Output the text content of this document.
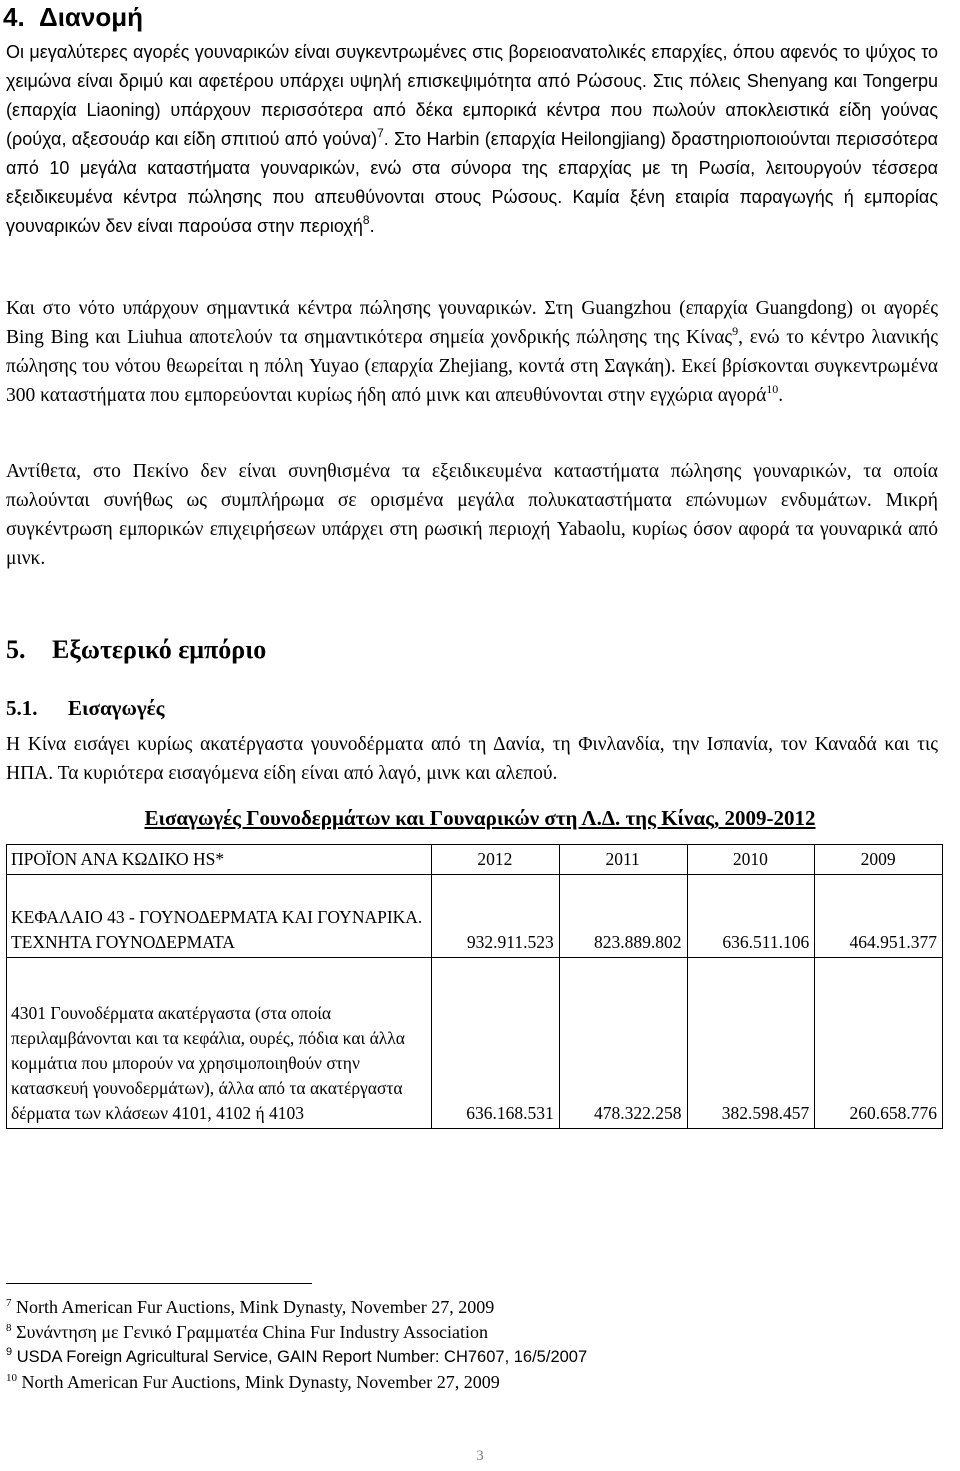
4. Διανομή

Οι μεγαλύτερες αγορές γουναρικών είναι συγκεντρωμένες στις βορειοανατολικές επαρχίες, όπου αφενός το ψύχος το χειμώνα είναι δριμύ και αφετέρου υπάρχει υψηλή επισκεψιμότητα από Ρώσους. Στις πόλεις Shenyang και Tongerpu (επαρχία Liaoning) υπάρχουν περισσότερα από δέκα εμπορικά κέντρα που πωλούν αποκλειστικά είδη γούνας (ρούχα, αξεσουάρ και είδη σπιτιού από γούνα)$^7$. Στο Harbin (επαρχία Heilongjiang) δραστηριοποιούνται περισσότερα από 10 μεγάλα καταστήματα γουναρικών, ενώ στα σύνορα της επαρχίας με τη Ρωσία, λειτουργούν τέσσερα εξειδικευμένα κέντρα πώλησης που απευθύνονται στους Ρώσους. Καμία ξένη εταιρία παραγωγής ή εμπορίας γουναρικών δεν είναι παρούσα στην περιοχή$^8$.

Και στο νότο υπάρχουν σημαντικά κέντρα πώλησης γουναρικών. Στη Guangzhou (επαρχία Guangdong) οι αγορές Bing Bing και Liuhua αποτελούν τα σημαντικότερα σημεία χονδρικής πώλησης της Κίνας$^9$, ενώ το κέντρο λιανικής πώλησης του νότου θεωρείται η πόλη Yuyao (επαρχία Zhejiang, κοντά στη Σαγκάη). Εκεί βρίσκονται συγκεντρωμένα 300 καταστήματα που εμπορεύονται κυρίως ήδη από μινκ και απευθύνονται στην εγχώρια αγορά$^{10}$.

Αντίθετα, στο Πεκίνο δεν είναι συνηθισμένα τα εξειδικευμένα καταστήματα πώλησης γουναρικών, τα οποία πωλούνται συνήθως ως συμπλήρωμα σε ορισμένα μεγάλα πολυκαταστήματα επώνυμων ενδυμάτων. Μικρή συγκέντρωση εμπορικών επιχειρήσεων υπάρχει στη ρωσική περιοχή Yabaolu, κυρίως όσον αφορά τα γουναρικά από μινκ.

5. Εξωτερικό εμπόριο
5.1. Εισαγωγές

Η Κίνα εισάγει κυρίως ακατέργαστα γουνοδέρματα από τη Δανία, τη Φινλανδία, την Ισπανία, τον Καναδά και τις ΗΠΑ. Τα κυριότερα εισαγόμενα είδη είναι από λαγό, μινκ και αλεπού.

Εισαγωγές Γουνοδερμάτων και Γουναρικών στη Λ.Δ. της Κίνας, 2009-2012

ΠΡΟΪΟΝ ΑΝΑ ΚΩΔΙΚΟ HS*	2012	2011	2010	2009
ΚΕΦΑΛΑΙΟ 43 - ΓΟΥΝΟΔΕΡΜΑΤΑ ΚΑΙ ΓΟΥΝΑΡΙΚΑ. ΤΕΧΝΗΤΑ ΓΟΥΝΟΔΕΡΜΑΤΑ	932.911.523	823.889.802	636.511.106	464.951.377
4301 Γουνοδέρματα ακατέργαστα (στα οποία περιλαμβάνονται και τα κεφάλια, ουρές, πόδια και άλλα κομμάτια που μπορούν να χρησιμοποιηθούν στην κατασκευή γουνοδερμάτων), άλλα από τα ακατέργαστα δέρματα των κλάσεων 4101, 4102 ή 4103	636.168.531	478.322.258	382.598.457	260.658.776

$^7$ North American Fur Auctions, Mink Dynasty, November 27, 2009

$^8$ Συνάντηση με Γενικό Γραμματέα China Fur Industry Association

$^9$ USDA Foreign Agricultural Service, GAIN Report Number: CH7607, 16/5/2007

$^{10}$ North American Fur Auctions, Mink Dynasty, November 27, 2009

3
